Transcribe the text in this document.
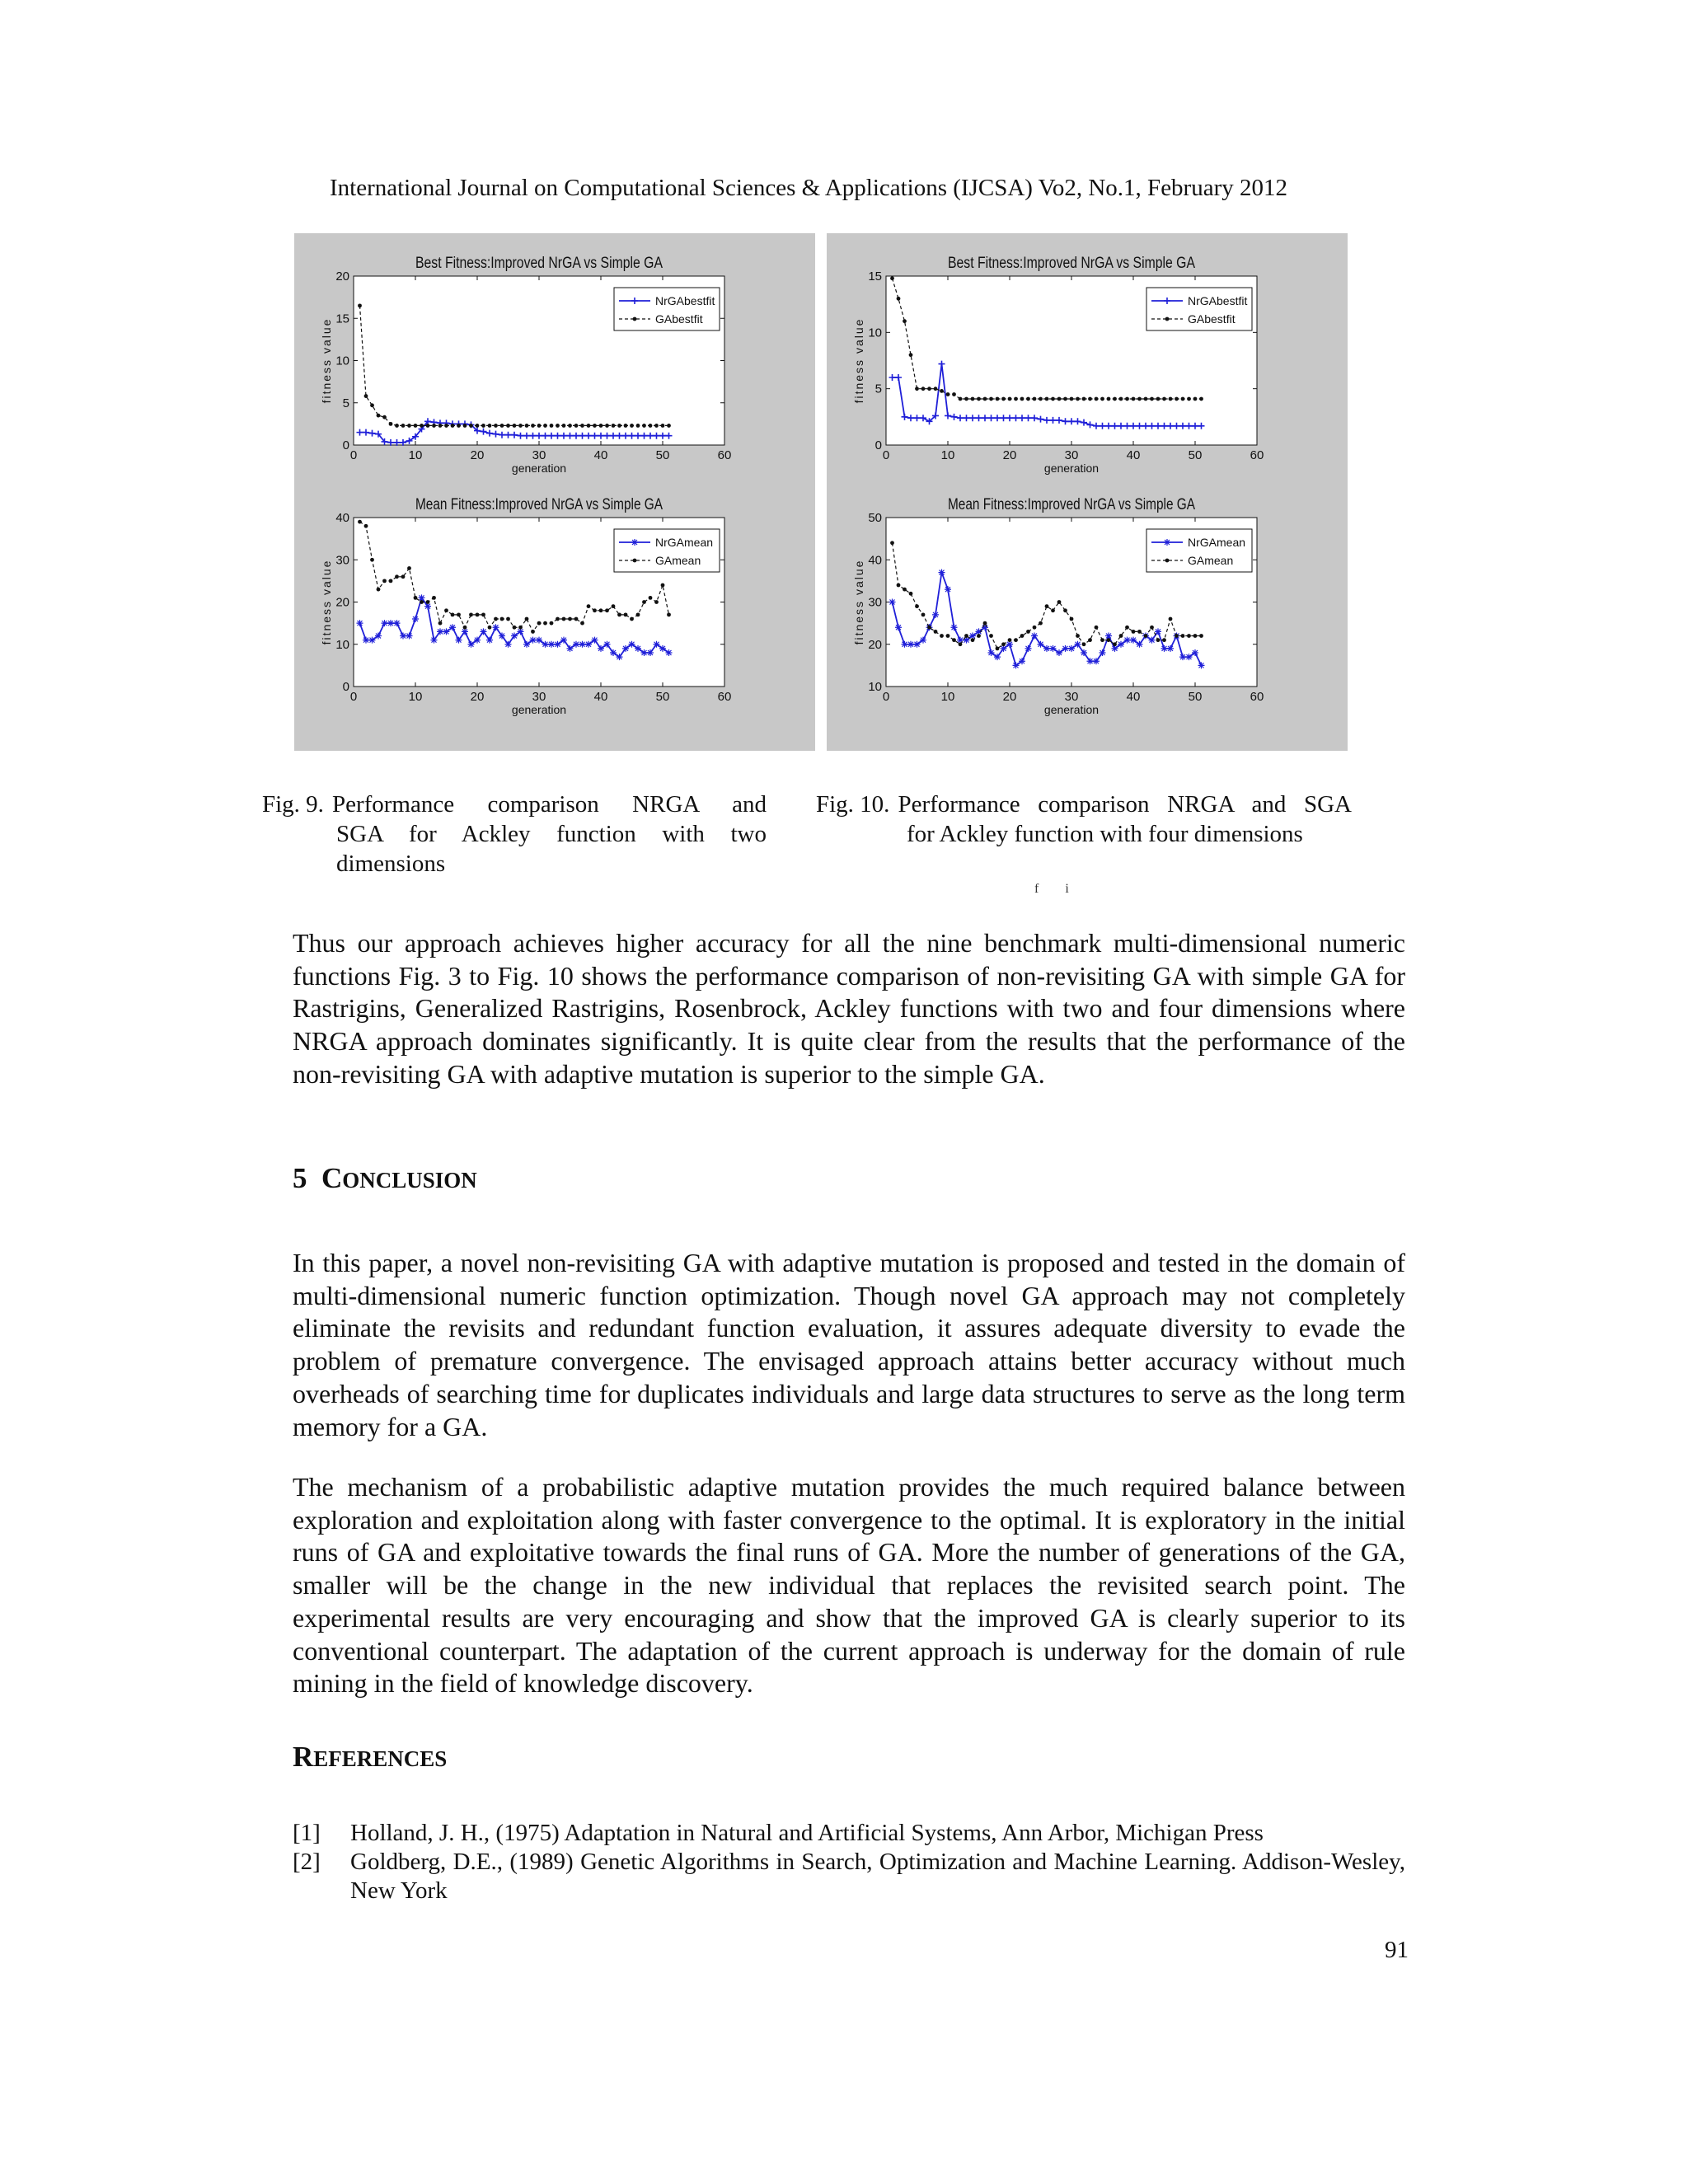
International Journal on Computational Sciences & Applications (IJCSA) Vo2, No.1, February 2012
Best Fitness:Improved NrGA vs Simple GA
0	10	20	30	40	50	60
0
5
10
15
20
generation
fitness value
NrGAbestfit
GAbestfit
Mean Fitness:Improved NrGA vs Simple GA
0	10	20	30	40	50	60
0
10
20
30
40
generation
fitness value
NrGAmean
GAmean
Best Fitness:Improved NrGA vs Simple GA
0	10	20	30	40	50	60
0
5
10
15
generation
fitness value
NrGAbestfit
GAbestfit
Mean Fitness:Improved NrGA vs Simple GA
0	10	20	30	40	50	60
10
20
30
40
50
generation
fitness value
NrGAmean
GAmean
Fig. 9. Performance comparison NRGA and
SGA for Ackley function with two dimensions
Fig. 10. Performance comparison NRGA and SGA
for Ackley function with four dimensions
f i

Thus our approach achieves higher accuracy for all the nine benchmark multi-dimensional numeric functions Fig. 3 to Fig. 10 shows the performance comparison of non-revisiting GA with simple GA for Rastrigins, Generalized Rastrigins, Rosenbrock, Ackley functions with two and four dimensions where NRGA approach dominates significantly. It is quite clear from the results that the performance of the non-revisiting GA with adaptive mutation is superior to the simple GA.

5 CONCLUSION

In this paper, a novel non-revisiting GA with adaptive mutation is proposed and tested in the domain of multi-dimensional numeric function optimization. Though novel GA approach may not completely eliminate the revisits and redundant function evaluation, it assures adequate diversity to evade the problem of premature convergence. The envisaged approach attains better accuracy without much overheads of searching time for duplicates individuals and large data structures to serve as the long term memory for a GA.

The mechanism of a probabilistic adaptive mutation provides the much required balance between exploration and exploitation along with faster convergence to the optimal. It is exploratory in the initial runs of GA and exploitative towards the final runs of GA. More the number of generations of the GA, smaller will be the change in the new individual that replaces the revisited search point. The experimental results are very encouraging and show that the improved GA is clearly superior to its conventional counterpart. The adaptation of the current approach is underway for the domain of rule mining in the field of knowledge discovery.

REFERENCES
[1]	Holland, J. H., (1975) Adaptation in Natural and Artificial Systems, Ann Arbor, Michigan Press
[2]	Goldberg, D.E., (1989) Genetic Algorithms in Search, Optimization and Machine Learning. Addison-Wesley, New York
91
